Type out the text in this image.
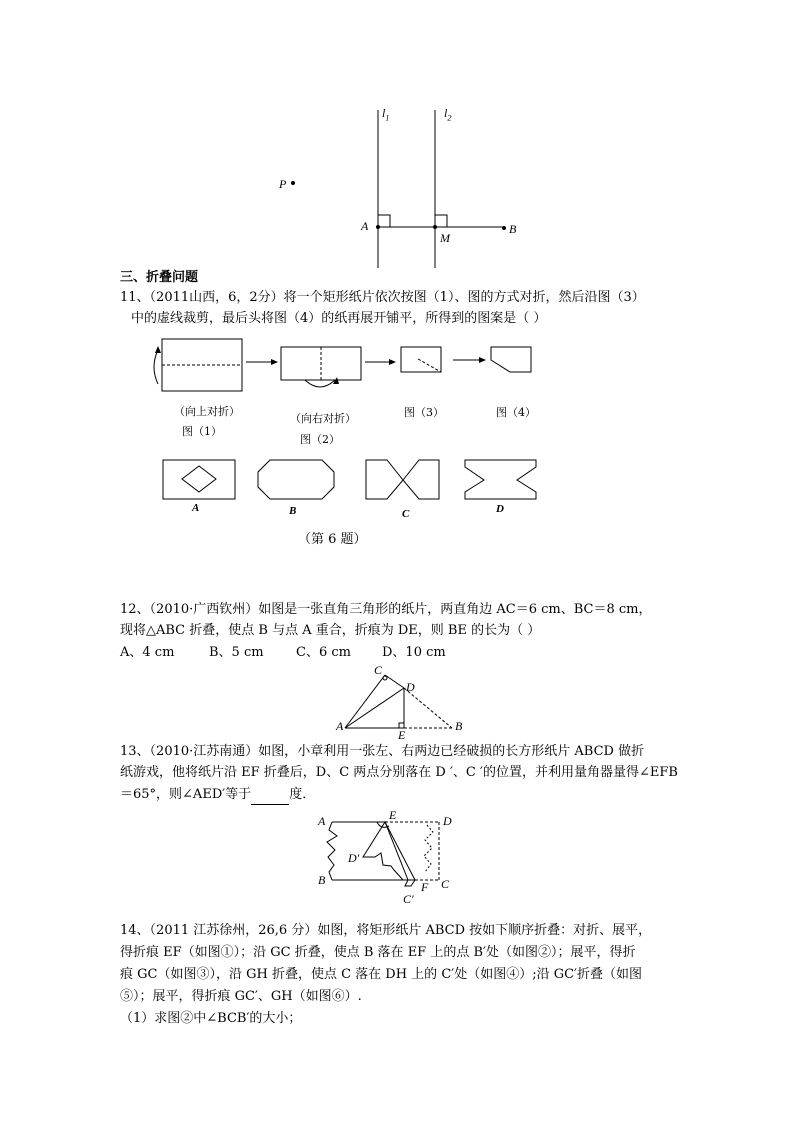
$l_1$	$l_2$
P
A
M
B
三、折叠问题
11、（2011山西，6，2分）将一个矩形纸片依次按图（1）、图的方式对折，然后沿图（3）
中的虚线裁剪，最后头将图（4）的纸再展开铺平，所得到的图案是（ ）
（向上对折）
图（1）
（向右对折）
图（2）
图（3）	图（4）
A	B	C	D
（第 6 题）
12、（2010·广西钦州）如图是一张直角三角形的纸片，两直角边 AC＝6 cm、BC＝8 cm，
现将△ABC 折叠，使点 B 与点 A 重合，折痕为 DE，则 BE 的长为（ ）
A、4 cm	B、5 cm C、6 cm D、10 cm
C
D
A
E
B
13、（2010·江苏南通）如图，小章利用一张左、右两边已经破损的长方形纸片 ABCD 做折
纸游戏，他将纸片沿 EF 折叠后，D、C 两点分别落在 D ′、C ′的位置，并利用量角器量得∠EFB
＝65°，则∠AED′等于	度．
A	E	D
D′
B	F C
C′
14、（2011 江苏徐州，26,6 分）如图，将矩形纸片 ABCD 按如下顺序折叠：对折、展平，
得折痕 EF（如图①）；沿 GC 折叠，使点 B 落在 EF 上的点 B′处（如图②）；展平，得折
痕 GC（如图③），沿 GH 折叠，使点 C 落在 DH 上的 C′处（如图④）;沿 GC′折叠（如图
⑤）；展平，得折痕 GC′、GH（如图⑥）.
（1）求图②中∠BCB′的大小；
